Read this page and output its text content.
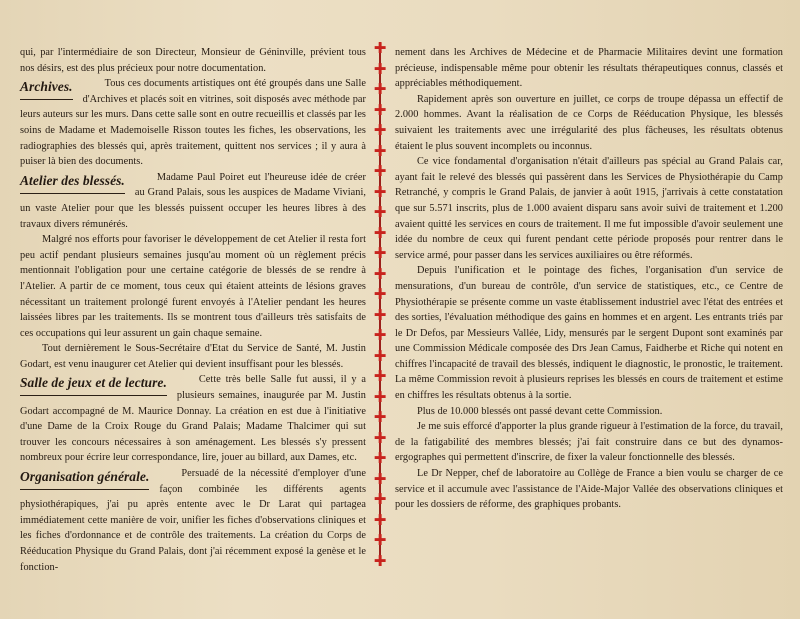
qui, par l'intermédiaire de son Directeur, Monsieur de Géninville, prévient tous nos désirs, est des plus précieux pour notre documentation.

Archives.	Tous ces documents artistiques ont été groupés dans une Salle d'Archives et placés soit en vitrines, soit disposés avec méthode par leurs auteurs sur les murs. Dans cette salle sont en outre recueillis et classés par les soins de Madame et Mademoiselle Risson toutes les fiches, les observations, les radiographies des blessés qui, après traitement, quittent nos services ; il y aura à puiser là bien des documents.

Atelier des blessés.	Madame Paul Poiret eut l'heureuse idée de créer au Grand Palais, sous les auspices de Madame Viviani, un vaste Atelier pour que les blessés puissent occuper les heures libres à des travaux divers rémunérés.

Malgré nos efforts pour favoriser le développement de cet Atelier il resta fort peu actif pendant plusieurs semaines jusqu'au moment où un règlement précis mentionnait l'obligation pour une certaine catégorie de blessés de se rendre à l'Atelier. A partir de ce moment, tous ceux qui étaient atteints de lésions graves nécessitant un traitement prolongé furent envoyés à l'Atelier pendant les heures laissées libres par les traitements. Ils se montrent tous d'ailleurs très satisfaits de ces occupations qui leur assurent un gain chaque semaine.

Tout dernièrement le Sous-Secrétaire d'Etat du Service de Santé, M. Justin Godart, est venu inaugurer cet Atelier qui devient insuffisant pour les blessés.

Salle de jeux et de lecture.	Cette très belle Salle fut aussi, il y a plusieurs semaines, inaugurée par M. Justin Godart accompagné de M. Maurice Donnay. La création en est due à l'initiative d'une Dame de la Croix Rouge du Grand Palais; Madame Thalcimer qui sut trouver les concours nécessaires à son aménagement. Les blessés s'y pressent nombreux pour écrire leur correspondance, lire, jouer au billard, aux Dames, etc.

Organisation générale.	Persuadé de la nécessité d'employer d'une façon combinée les différents agents physiothérapiques, j'ai pu après entente avec le Dr Larat qui partagea immédiatement cette manière de voir, unifier les fiches d'observations cliniques et les fiches d'ordonnance et de contrôle des traitements. La création du Corps de Rééducation Physique du Grand Palais, dont j'ai récemment exposé la genèse et le fonction-

✚
✚
✚
✚
✚
✚
✚
✚
✚
✚
✚
✚
✚
✚
✚
✚
✚
✚
✚
✚
✚
✚
✚
✚
✚
✚

nement dans les Archives de Médecine et de Pharmacie Militaires devint une formation précieuse, indispensable même pour obtenir les résultats thérapeutiques connus, classés et appréciables méthodiquement.

Rapidement après son ouverture en juillet, ce corps de troupe dépassa un effectif de 2.000 hommes. Avant la réalisation de ce Corps de Rééducation Physique, les blessés suivaient les traitements avec une irrégularité des plus fâcheuses, les résultats obtenus étaient le plus souvent incomplets ou inconnus.

Ce vice fondamental d'organisation n'était d'ailleurs pas spécial au Grand Palais car, ayant fait le relevé des blessés qui passèrent dans les Services de Physiothérapie du Camp Retranché, y compris le Grand Palais, de janvier à août 1915, j'arrivais à cette constatation que sur 5.571 inscrits, plus de 1.000 avaient disparu sans avoir suivi de traitement et 1.200 avaient quitté les services en cours de traitement. Il me fut impossible d'avoir seulement une idée du nombre de ceux qui furent pendant cette période proposés pour rentrer dans le service armé, pour passer dans les services auxiliaires ou être réformés.

Depuis l'unification et le pointage des fiches, l'organisation d'un service de mensurations, d'un bureau de contrôle, d'un service de statistiques, etc., ce Centre de Physiothérapie se présente comme un vaste établissement industriel avec l'état des entrées et des sorties, l'évaluation méthodique des gains en hommes et en argent. Les entrants triés par le Dr Defos, par Messieurs Vallée, Lidy, mensurés par le sergent Dupont sont examinés par une Commission Médicale composée des Drs Jean Camus, Faidherbe et Riche qui notent en chiffres l'incapacité de travail des blessés, indiquent le diagnostic, le pronostic, le traitement. La même Commission revoit à plusieurs reprises les blessés en cours de traitement et estime en chiffres les résultats obtenus à la sortie.

Plus de 10.000 blessés ont passé devant cette Commission.

Je me suis efforcé d'apporter la plus grande rigueur à l'estimation de la force, du travail, de la fatigabilité des membres blessés; j'ai fait construire dans ce but des dynamos-ergographes qui permettent d'inscrire, de fixer la valeur fonctionnelle des blessés.

Le Dr Nepper, chef de laboratoire au Collège de France a bien voulu se charger de ce service et il accumule avec l'assistance de l'Aide-Major Vallée des observations cliniques et pour les dossiers de réforme, des graphiques probants.
